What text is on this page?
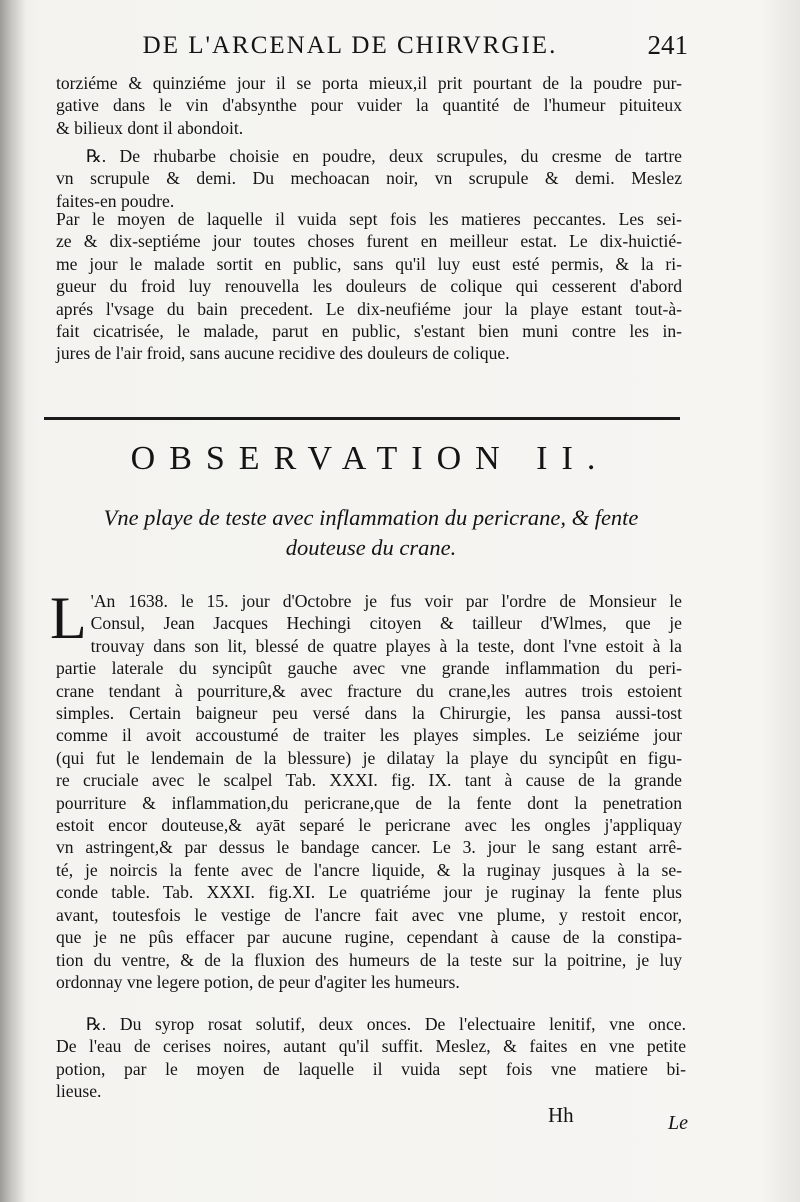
DE L'ARCENAL DE CHIRVRGIE.	241
torziéme & quinziéme jour il se porta mieux,il prit pourtant de la poudre pur-
gative dans le vin d'absynthe pour vuider la quantité de l'humeur pituiteux
& bilieux dont il abondoit.
℞. De rhubarbe choisie en poudre, deux scrupules, du cresme de tartre
vn scrupule & demi. Du mechoacan noir, vn scrupule & demi. Meslez
faites-en poudre.
Par le moyen de laquelle il vuida sept fois les matieres peccantes. Les sei-
ze & dix-septiéme jour toutes choses furent en meilleur estat. Le dix-huictié-
me jour le malade sortit en public, sans qu'il luy eust esté permis, & la ri-
gueur du froid luy renouvella les douleurs de colique qui cesserent d'abord
aprés l'vsage du bain precedent. Le dix-neufiéme jour la playe estant tout-à-
fait cicatrisée, le malade, parut en public, s'estant bien muni contre les in-
jures de l'air froid, sans aucune recidive des douleurs de colique.
OBSERVATION II.
Vne playe de teste avec inflammation du pericrane, & fente
douteuse du crane.
L 'An 1638. le 15. jour d'Octobre je fus voir par l'ordre de Monsieur le
Consul, Jean Jacques Hechingi citoyen & tailleur d'Wlmes, que je
trouvay dans son lit, blessé de quatre playes à la teste, dont l'vne estoit à la
partie laterale du syncipût gauche avec vne grande inflammation du peri-
crane tendant à pourriture,& avec fracture du crane,les autres trois estoient
simples. Certain baigneur peu versé dans la Chirurgie, les pansa aussi-tost
comme il avoit accoustumé de traiter les playes simples. Le seiziéme jour
(qui fut le lendemain de la blessure) je dilatay la playe du syncipût en figu-
re cruciale avec le scalpel Tab. XXXI. fig. IX. tant à cause de la grande
pourriture & inflammation,du pericrane,que de la fente dont la penetration
estoit encor douteuse,& ayāt separé le pericrane avec les ongles j'appliquay
vn astringent,& par dessus le bandage cancer. Le 3. jour le sang estant arrê-
té, je noircis la fente avec de l'ancre liquide, & la ruginay jusques à la se-
conde table. Tab. XXXI. fig.XI. Le quatriéme jour je ruginay la fente plus
avant, toutesfois le vestige de l'ancre fait avec vne plume, y restoit encor,
que je ne pûs effacer par aucune rugine, cependant à cause de la constipa-
tion du ventre, & de la fluxion des humeurs de la teste sur la poitrine, je luy
ordonnay vne legere potion, de peur d'agiter les humeurs.
℞. Du syrop rosat solutif, deux onces. De l'electuaire lenitif, vne once.
De l'eau de cerises noires, autant qu'il suffit. Meslez, & faites en vne petite
potion, par le moyen de laquelle il vuida sept fois vne matiere bi-
lieuse.
Hh	Le
